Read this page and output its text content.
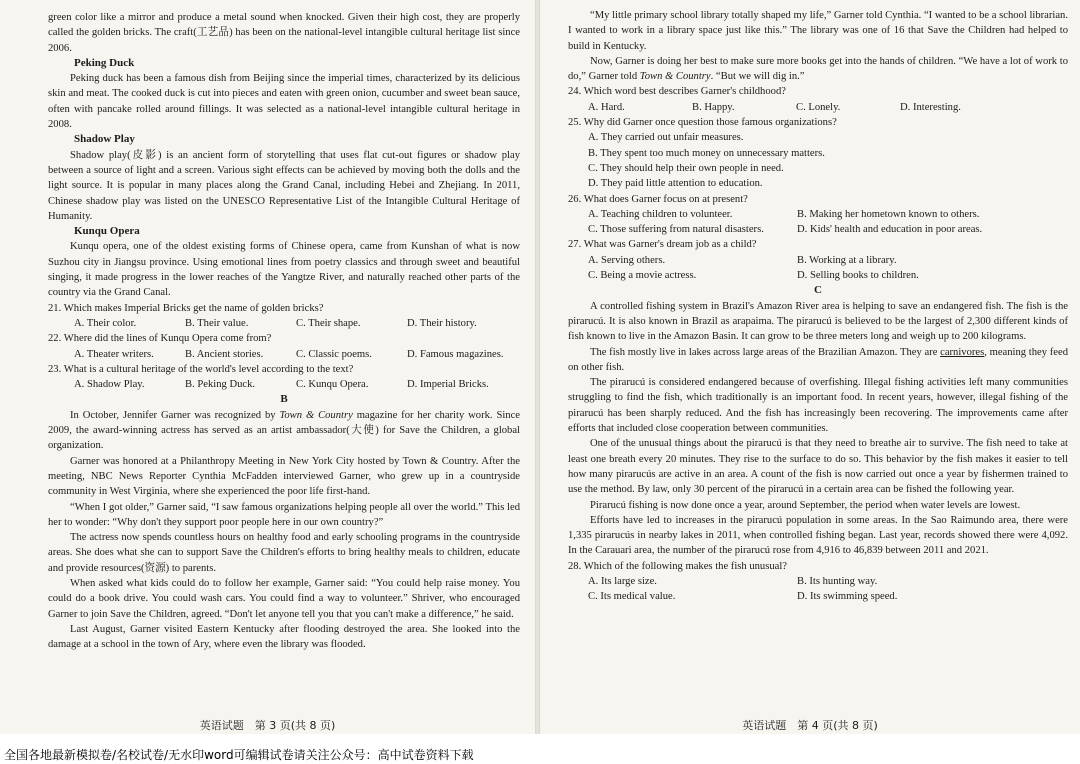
green color like a mirror and produce a metal sound when knocked. Given their high cost, they are properly called the golden bricks. The craft(工艺品) has been on the national-level intangible cultural heritage list since 2006.

Peking Duck

Peking duck has been a famous dish from Beijing since the imperial times, characterized by its delicious skin and meat. The cooked duck is cut into pieces and eaten with green onion, cucumber and sweet bean sauce, often with pancake rolled around fillings. It was selected as a national-level intangible cultural heritage in 2008.

Shadow Play

Shadow play(皮影) is an ancient form of storytelling that uses flat cut-out figures or shadow play between a source of light and a screen. Various sight effects can be achieved by moving both the dolls and the light source. It is popular in many places along the Grand Canal, including Hebei and Zhejiang. In 2011, Chinese shadow play was listed on the UNESCO Representative List of the Intangible Cultural Heritage of Humanity.

Kunqu Opera

Kunqu opera, one of the oldest existing forms of Chinese opera, came from Kunshan of what is now Suzhou city in Jiangsu province. Using emotional lines from poetry classics and through sweet and beautiful singing, it made progress in the lower reaches of the Yangtze River, and naturally reached other parts of the country via the Grand Canal.

21. Which makes Imperial Bricks get the name of golden bricks?

A. Their color.	B. Their value.	C. Their shape.	D. Their history.

22. Where did the lines of Kunqu Opera come from?

A. Theater writers.	B. Ancient stories.	C. Classic poems.	D. Famous magazines.

23. What is a cultural heritage of the world's level according to the text?

A. Shadow Play.	B. Peking Duck.	C. Kunqu Opera.	D. Imperial Bricks.

B

In October, Jennifer Garner was recognized by Town & Country magazine for her charity work. Since 2009, the award-winning actress has served as an artist ambassador(大使) for Save the Children, a global organization.

Garner was honored at a Philanthropy Meeting in New York City hosted by Town & Country. After the meeting, NBC News Reporter Cynthia McFadden interviewed Garner, who grew up in a countryside community in West Virginia, where she experienced the poor life first-hand.

“When I got older,” Garner said, “I saw famous organizations helping people all over the world.” This led her to wonder: “Why don't they support poor people here in our own country?”

The actress now spends countless hours on healthy food and early schooling programs in the countryside areas. She does what she can to support Save the Children's efforts to bring healthy meals to children, educate and provide resources(资源) to parents.

When asked what kids could do to follow her example, Garner said: “You could help raise money. You could do a book drive. You could wash cars. You could find a way to volunteer.” Shriver, who encouraged Garner to join Save the Children, agreed. “Don't let anyone tell you that you can't make a difference,” he said.

Last August, Garner visited Eastern Kentucky after flooding destroyed the area. She looked into the damage at a school in the town of Ary, where even the library was flooded.

英语试题　第 3 页(共 8 页)

“My little primary school library totally shaped my life,” Garner told Cynthia. “I wanted to be a school librarian. I wanted to work in a library space just like this.” The library was one of 16 that Save the Children had helped to build in Kentucky.

Now, Garner is doing her best to make sure more books get into the hands of children. “We have a lot of work to do,” Garner told Town & Country. “But we will dig in.”

24. Which word best describes Garner's childhood?

A. Hard.	B. Happy.	C. Lonely.	D. Interesting.

25. Why did Garner once question those famous organizations?

A. They carried out unfair measures.

B. They spent too much money on unnecessary matters.

C. They should help their own people in need.

D. They paid little attention to education.

26. What does Garner focus on at present?

A. Teaching children to volunteer.	B. Making her hometown known to others.
C. Those suffering from natural disasters.	D. Kids' health and education in poor areas.

27. What was Garner's dream job as a child?

A. Serving others.	B. Working at a library.
C. Being a movie actress.	D. Selling books to children.

C

A controlled fishing system in Brazil's Amazon River area is helping to save an endangered fish. The fish is the pirarucú. It is also known in Brazil as arapaima. The pirarucú is believed to be the largest of 2,300 different kinds of fish known to live in the Amazon Basin. It can grow to be three meters long and weigh up to 200 kilograms.

The fish mostly live in lakes across large areas of the Brazilian Amazon. They are carnivores, meaning they feed on other fish.

The pirarucú is considered endangered because of overfishing. Illegal fishing activities left many communities struggling to find the fish, which traditionally is an important food. In recent years, however, illegal fishing of the pirarucú has been sharply reduced. And the fish has increasingly been recovering. The improvements came after efforts that included close cooperation between communities.

One of the unusual things about the pirarucú is that they need to breathe air to survive. The fish need to take at least one breath every 20 minutes. They rise to the surface to do so. This behavior by the fish makes it easier to tell how many pirarucús are active in an area. A count of the fish is now carried out once a year by fishermen trained to use the method. By law, only 30 percent of the pirarucú in a certain area can be fished the following year.

Pirarucú fishing is now done once a year, around September, the period when water levels are lowest.

Efforts have led to increases in the pirarucú population in some areas. In the Sao Raimundo area, there were 1,335 pirarucús in nearby lakes in 2011, when controlled fishing began. Last year, records showed there were 4,092. In the Carauari area, the number of the pirarucú rose from 4,916 to 46,839 between 2011 and 2021.

28. Which of the following makes the fish unusual?

A. Its large size.	B. Its hunting way.
C. Its medical value.	D. Its swimming speed.
英语试题　第 4 页(共 8 页)
全国各地最新模拟卷/名校试卷/无水印word可编辑试卷请关注公众号：高中试卷资料下载
